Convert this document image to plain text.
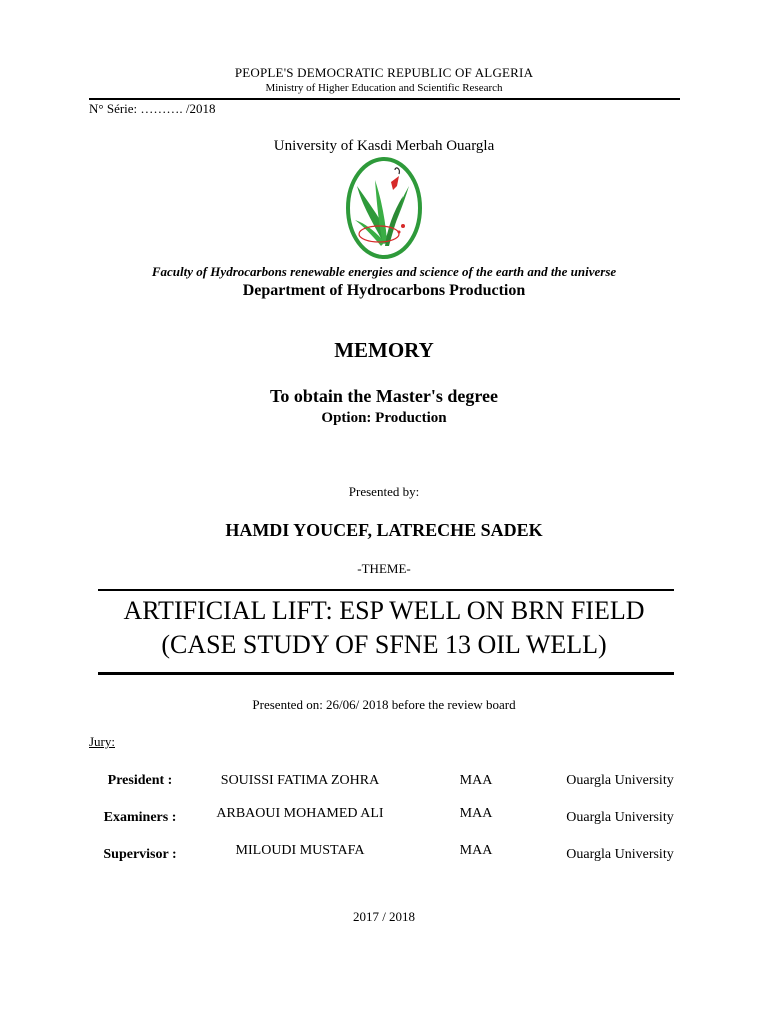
PEOPLE'S DEMOCRATIC REPUBLIC OF ALGERIA
Ministry of Higher Education and Scientific Research
N° Série: ………. /2018
University of Kasdi Merbah Ouargla
Faculty of Hydrocarbons renewable energies and science of the earth and the universe
Department of Hydrocarbons Production
MEMORY
To obtain the Master's degree
Option: Production
Presented by:
HAMDI YOUCEF, LATRECHE SADEK
-THEME-
ARTIFICIAL LIFT: ESP WELL ON BRN FIELD
(CASE STUDY OF SFNE 13 OIL WELL)
Presented on: 26/06/ 2018 before the review board
Jury:
President :	SOUISSI FATIMA ZOHRA	MAA	Ouargla University
Examiners :	ARBAOUI MOHAMED ALI	MAA	Ouargla University
Supervisor :	MILOUDI MUSTAFA	MAA	Ouargla University
2017 / 2018
